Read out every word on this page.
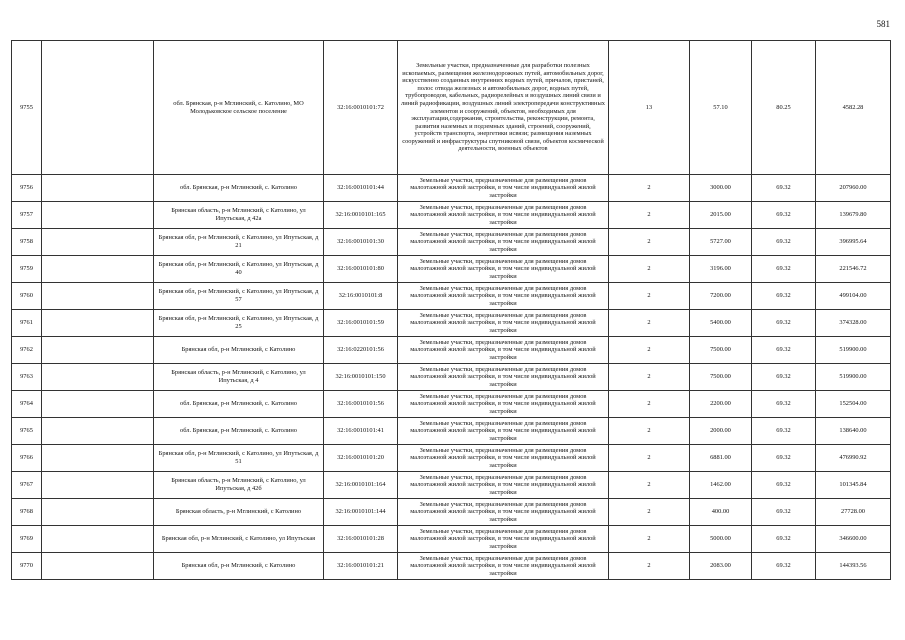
581
9755		обл. Брянская, р-н Мглинский, с. Католино, МО Молодьковское сельское поселение	32:16:0010101:72	Земельные участки, предназначенные для разработки полезных ископаемых, размещения железнодорожных путей, автомобильных дорог, искусственно созданных внутренних водных путей, причалов, пристаней, полос отвода железных и автомобильных дорог, водных путей, трубопроводов, кабельных, радиорелейных и воздушных линий связи и линий радиофикации, воздушных линий электропередачи конструктивных элементов и сооружений, объектов, необходимых для эксплуатации,содержания, строительства, реконструкции, ремонта, развития наземных и подземных зданий, строений, сооружений, устройств транспорта, энергетики исвязи; размещения наземных сооружений и инфраструктуры спутниковой связи, объектов космической деятельности, военных объектов	13	57.10	80.25	4582.28
9756		обл. Брянская, р-н Мглинский, с. Католино	32:16:0010101:44	Земельные участки, предназначенные для размещения домов малоэтажной жилой застройки, в том числе индивидуальной жилой застройки	2	3000.00	69.32	207960.00
9757		Брянская область, р-н Мглинский, с Католино, ул Ипутьская, д 42а	32:16:0010101:165	Земельные участки, предназначенные для размещения домов малоэтажной жилой застройки, в том числе индивидуальной жилой застройки	2	2015.00	69.32	139679.80
9758		Брянская обл, р-н Мглинский, с Католино, ул Ипутьская, д 21	32:16:0010101:30	Земельные участки, предназначенные для размещения домов малоэтажной жилой застройки, в том числе индивидуальной жилой застройки	2	5727.00	69.32	396995.64
9759		Брянская обл, р-н Мглинский, с Католино, ул Ипутьская, д 40	32:16:0010101:80	Земельные участки, предназначенные для размещения домов малоэтажной жилой застройки, в том числе индивидуальной жилой застройки	2	3196.00	69.32	221546.72
9760		Брянская обл, р-н Мглинский, с Католино, ул Ипутьская, д 57	32:16:0010101:8	Земельные участки, предназначенные для размещения домов малоэтажной жилой застройки, в том числе индивидуальной жилой застройки	2	7200.00	69.32	499104.00
9761		Брянская обл, р-н Мглинский, с Католино, ул Ипутьская, д 25	32:16:0010101:59	Земельные участки, предназначенные для размещения домов малоэтажной жилой застройки, в том числе индивидуальной жилой застройки	2	5400.00	69.32	374328.00
9762		Брянская обл, р-н Мглинский, с Католино	32:16:0220101:56	Земельные участки, предназначенные для размещения домов малоэтажной жилой застройки, в том числе индивидуальной жилой застройки	2	7500.00	69.32	519900.00
9763		Брянская область, р-н Мглинский, с Католино, ул Ипутьская, д 4	32:16:0010101:150	Земельные участки, предназначенные для размещения домов малоэтажной жилой застройки, в том числе индивидуальной жилой застройки	2	7500.00	69.32	519900.00
9764		обл. Брянская, р-н Мглинский, с. Католино	32:16:0010101:56	Земельные участки, предназначенные для размещения домов малоэтажной жилой застройки, в том числе индивидуальной жилой застройки	2	2200.00	69.32	152504.00
9765		обл. Брянская, р-н Мглинский, с. Католино	32:16:0010101:41	Земельные участки, предназначенные для размещения домов малоэтажной жилой застройки, в том числе индивидуальной жилой застройки	2	2000.00	69.32	138640.00
9766		Брянская обл, р-н Мглинский, с Католино, ул Ипутьская, д 51	32:16:0010101:20	Земельные участки, предназначенные для размещения домов малоэтажной жилой застройки, в том числе индивидуальной жилой застройки	2	6881.00	69.32	476990.92
9767		Брянская область, р-н Мглинский, с Католино, ул Ипутьская, д 42б	32:16:0010101:164	Земельные участки, предназначенные для размещения домов малоэтажной жилой застройки, в том числе индивидуальной жилой застройки	2	1462.00	69.32	101345.84
9768		Брянская область, р-н Мглинский, с Католино	32:16:0010101:144	Земельные участки, предназначенные для размещения домов малоэтажной жилой застройки, в том числе индивидуальной жилой застройки	2	400.00	69.32	27728.00
9769		Брянская обл, р-н Мглинский, с Католино, ул Ипутьская	32:16:0010101:28	Земельные участки, предназначенные для размещения домов малоэтажной жилой застройки, в том числе индивидуальной жилой застройки	2	5000.00	69.32	346600.00
9770		Брянская обл, р-н Мглинский, с Католино	32:16:0010101:21	Земельные участки, предназначенные для размещения домов малоэтажной жилой застройки, в том числе индивидуальной жилой застройки	2	2083.00	69.32	144393.56
